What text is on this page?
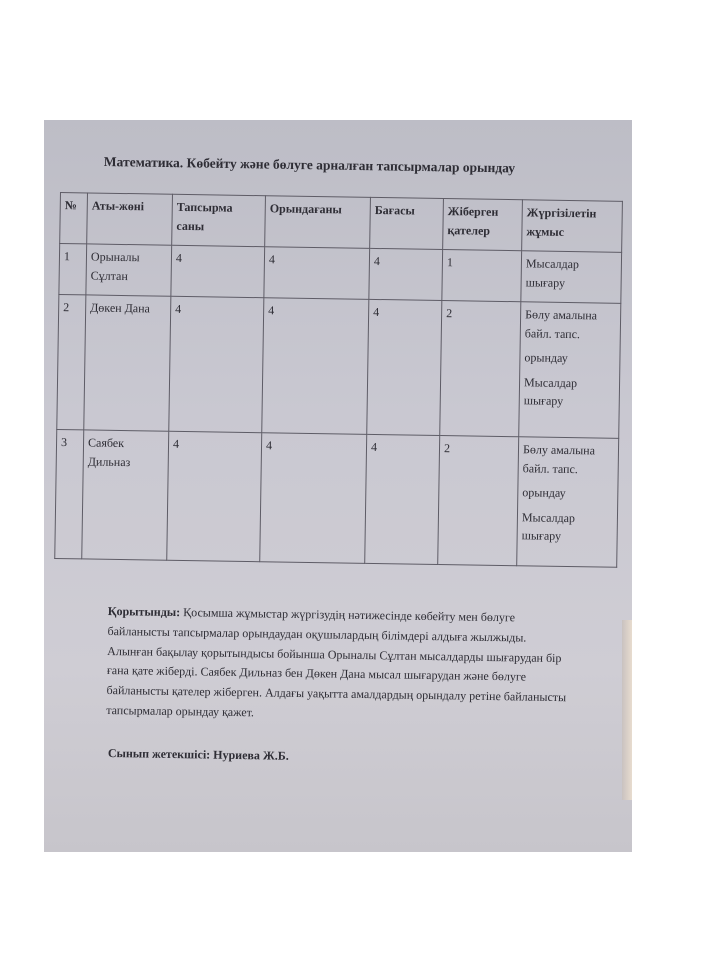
Математика. Көбейту және бөлуге арналған тапсырмалар орындау
№	Аты-жөні	Тапсырма саны	Орындағаны	Бағасы	Жіберген қателер	Жүргізілетін жұмыс
1	Орыналы Сұлтан	4	4	4	1	Мысалдар шығару

2	Дөкен Дана	4	4	4	2	Бөлу амалына байл. тапс.
орындау
Мысалдар шығару

3	Саябек Дильназ	4	4	4	2	Бөлу амалына байл. тапс.
орындау
Мысалдар шығару
Қорытынды: Қосымша жұмыстар жүргізудің нәтижесінде көбейту мен бөлуге байланысты тапсырмалар орындаудан оқушылардың білімдері алдыға жылжыды. Алынған бақылау қорытындысы бойынша Орыналы Сұлтан мысалдарды шығарудан бір ғана қате жіберді. Саябек Дильназ бен Дөкен Дана мысал шығарудан және бөлуге байланысты қателер жіберген. Алдағы уақытта амалдардың орындалу ретіне байланысты тапсырмалар орындау қажет.
Сынып жетекшісі: Нуриева Ж.Б.
